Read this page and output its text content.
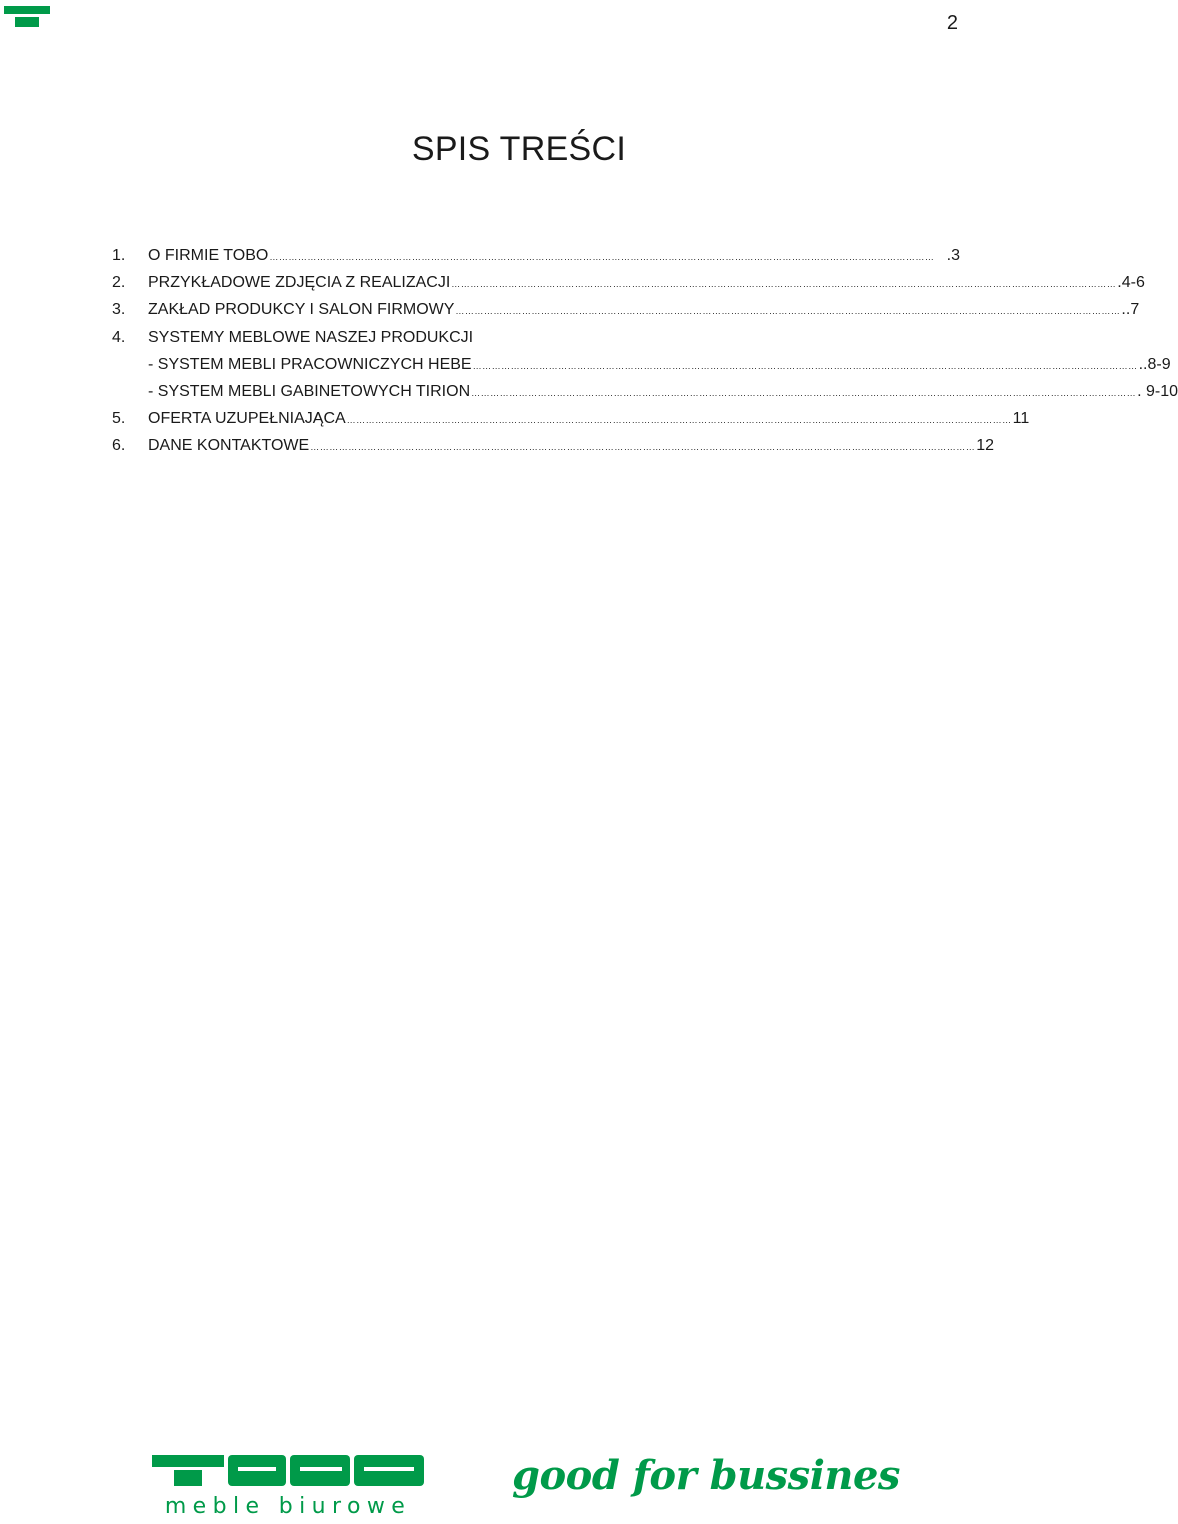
2
SPIS TREŚCI
1.	O FIRMIE TOBO ………………………………………………………………………………………………………………………………………………………………………………………… .3
2.	PRZYKŁADOWE ZDJĘCIA Z REALIZACJI ………………………………………………………………………………………………………………………………………………………………………………………… .4-6
3.	ZAKŁAD PRODUKCY I SALON FIRMOWY ………………………………………………………………………………………………………………………………………………………………………………………… ..7
4.	SYSTEMY MEBLOWE NASZEJ PRODUKCJI
- SYSTEM MEBLI PRACOWNICZYCH HEBE ………………………………………………………………………………………………………………………………………………………………………………………… ..8-9
- SYSTEM MEBLI GABINETOWYCH TIRION ………………………………………………………………………………………………………………………………………………………………………………………… . 9-10
5.	OFERTA UZUPEŁNIAJĄCA ………………………………………………………………………………………………………………………………………………………………………………………… 11
6.	DANE KONTAKTOWE ………………………………………………………………………………………………………………………………………………………………………………………… 12
meble biurowe
good for bussines
